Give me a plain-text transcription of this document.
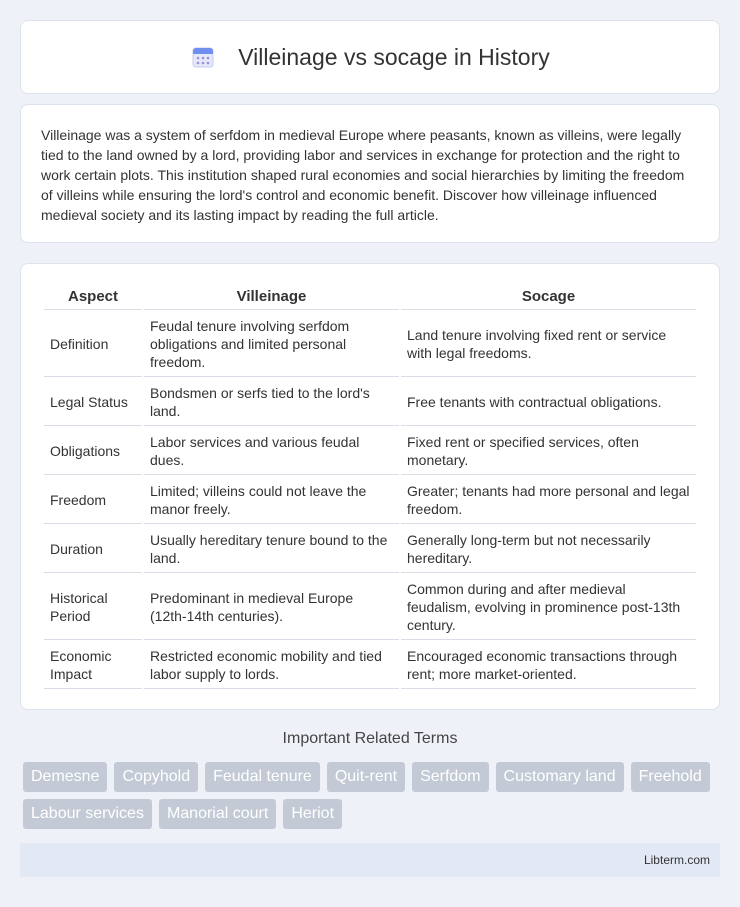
Villeinage vs socage in History

Villeinage was a system of serfdom in medieval Europe where peasants, known as villeins, were legally tied to the land owned by a lord, providing labor and services in exchange for protection and the right to work certain plots. This institution shaped rural economies and social hierarchies by limiting the freedom of villeins while ensuring the lord's control and economic benefit. Discover how villeinage influenced medieval society and its lasting impact by reading the full article.

Aspect	Villeinage	Socage
Definition	Feudal tenure involving serfdom obligations and limited personal freedom.	Land tenure involving fixed rent or service with legal freedoms.
Legal Status	Bondsmen or serfs tied to the lord's land.	Free tenants with contractual obligations.
Obligations	Labor services and various feudal dues.	Fixed rent or specified services, often monetary.
Freedom	Limited; villeins could not leave the manor freely.	Greater; tenants had more personal and legal freedom.
Duration	Usually hereditary tenure bound to the land.	Generally long-term but not necessarily hereditary.
Historical Period	Predominant in medieval Europe (12th-14th centuries).	Common during and after medieval feudalism, evolving in prominence post-13th century.
Economic Impact	Restricted economic mobility and tied labor supply to lords.	Encouraged economic transactions through rent; more market-oriented.
Important Related Terms
Demesne	Copyhold	Feudal tenure	Quit-rent	Serfdom	Customary land	Freehold
Labour services	Manorial court	Heriot
Libterm.com
